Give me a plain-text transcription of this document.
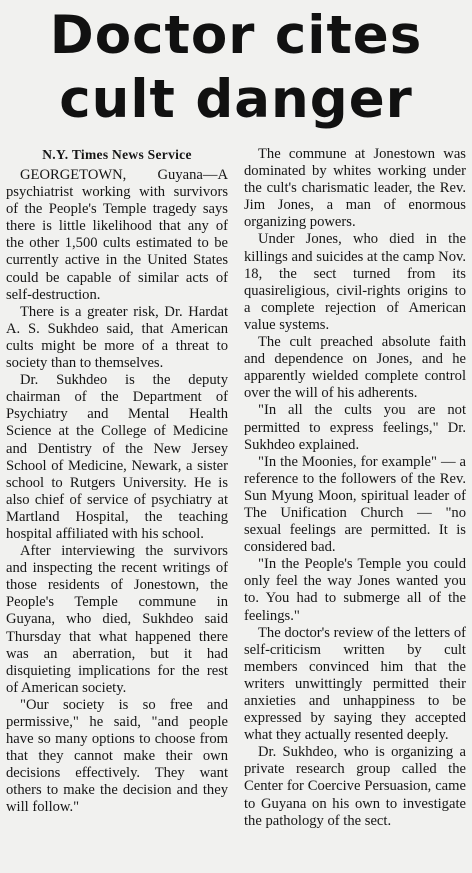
Doctor cites
cult danger
N.Y. Times News Service

GEORGETOWN, Guyana—A psychiatrist working with survivors of the People's Temple tragedy says there is little likelihood that any of the other 1,500 cults estimated to be currently active in the United States could be capable of similar acts of self-destruction.

There is a greater risk, Dr. Hardat A. S. Sukhdeo said, that American cults might be more of a threat to society than to themselves.

Dr. Sukhdeo is the deputy chairman of the Department of Psychiatry and Mental Health Science at the College of Medicine and Dentistry of the New Jersey School of Medicine, Newark, a sister school to Rutgers University. He is also chief of service of psychiatry at Martland Hospital, the teaching hospital affiliated with his school.

After interviewing the survivors and inspecting the recent writings of those residents of Jonestown, the People's Temple commune in Guyana, who died, Sukhdeo said Thursday that what happened there was an aberration, but it had disquieting implications for the rest of American society.

"Our society is so free and permissive," he said, "and people have so many options to choose from that they cannot make their own decisions effectively. They want others to make the decision and they will follow."

The commune at Jonestown was dominated by whites working under the cult's charismatic leader, the Rev. Jim Jones, a man of enormous organizing powers.

Under Jones, who died in the killings and suicides at the camp Nov. 18, the sect turned from its quasireligious, civil-rights origins to a complete rejection of American value systems.

The cult preached absolute faith and dependence on Jones, and he apparently wielded complete control over the will of his adherents.

"In all the cults you are not permitted to express feelings," Dr. Sukhdeo explained.

"In the Moonies, for example" — a reference to the followers of the Rev. Sun Myung Moon, spiritual leader of The Unification Church — "no sexual feelings are permitted. It is considered bad.

"In the People's Temple you could only feel the way Jones wanted you to. You had to submerge all of the feelings."

The doctor's review of the letters of self-criticism written by cult members convinced him that the writers unwittingly permitted their anxieties and unhappiness to be expressed by saying they accepted what they actually resented deeply.

Dr. Sukhdeo, who is organizing a private research group called the Center for Coercive Persuasion, came to Guyana on his own to investigate the pathology of the sect.
